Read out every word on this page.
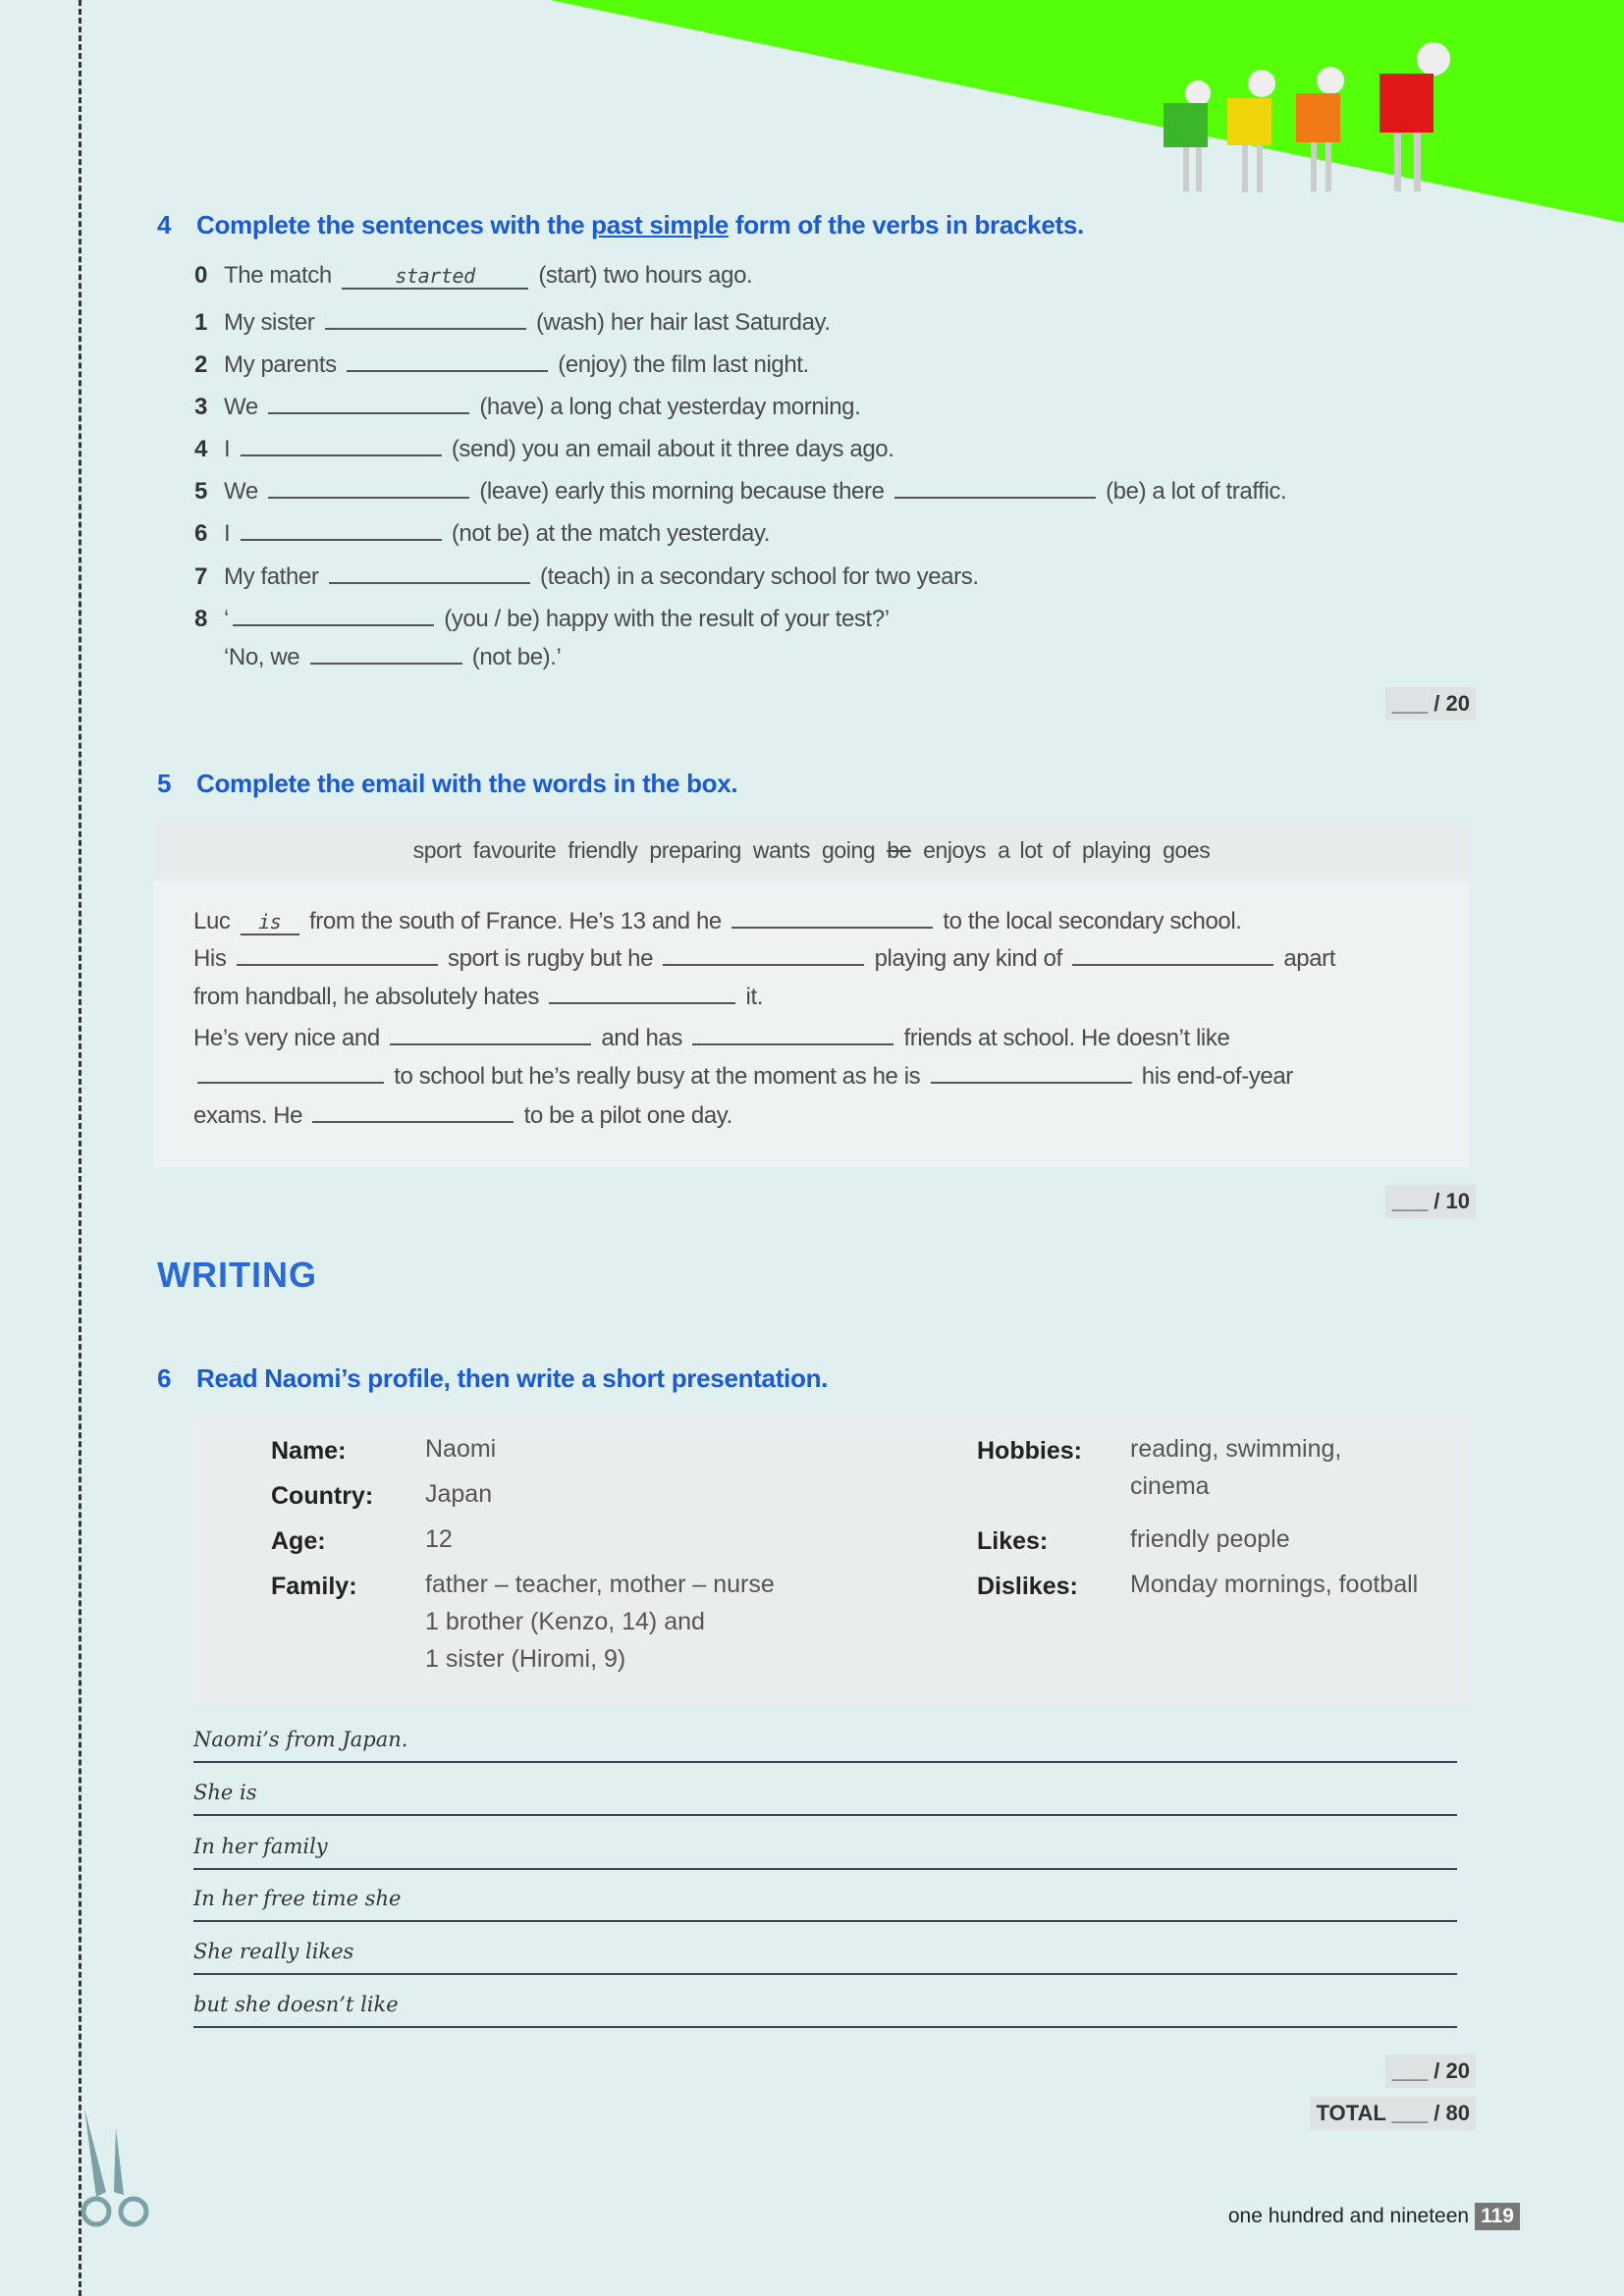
4 Complete the sentences with the past simple form of the verbs in brackets.
0 The match	started (start) two hours ago.
1 My sister	(wash) her hair last Saturday.
2 My parents	(enjoy) the film last night.
3 We	(have) a long chat yesterday morning.
4 I	(send) you an email about it three days ago.
5 We	(leave) early this morning because there	(be) a lot of traffic.
6 I	(not be) at the match yesterday.
7 My father	(teach) in a secondary school for two years.
8 ‘	(you / be) happy with the result of your test?’
‘No, we	(not be).’
___ / 20
5 Complete the email with the words in the box.
sport favourite friendly preparing wants going be enjoys a lot of playing goes
Luc is from the south of France. He’s 13 and he	to the local secondary school.
His	sport is rugby but he	playing any kind of	apart
from handball, he absolutely hates	it.
He’s very nice and	and has	friends at school. He doesn’t like
to school but he’s really busy at the moment as he is	his end-of-year
exams. He	to be a pilot one day.
___ / 10
WRITING
6 Read Naomi’s profile, then write a short presentation.
Name:	Naomi
Country: Japan
Age:	12
Family:	father – teacher, mother – nurse
1 brother (Kenzo, 14) and
1 sister (Hiromi, 9)
Hobbies: reading, swimming,
cinema
Likes:	friendly people
Dislikes: Monday mornings, football
Naomi’s from Japan.
She is
In her family
In her free time she
She really likes
but she doesn’t like
___ / 20
TOTAL ___ / 80
one hundred and nineteen 119
